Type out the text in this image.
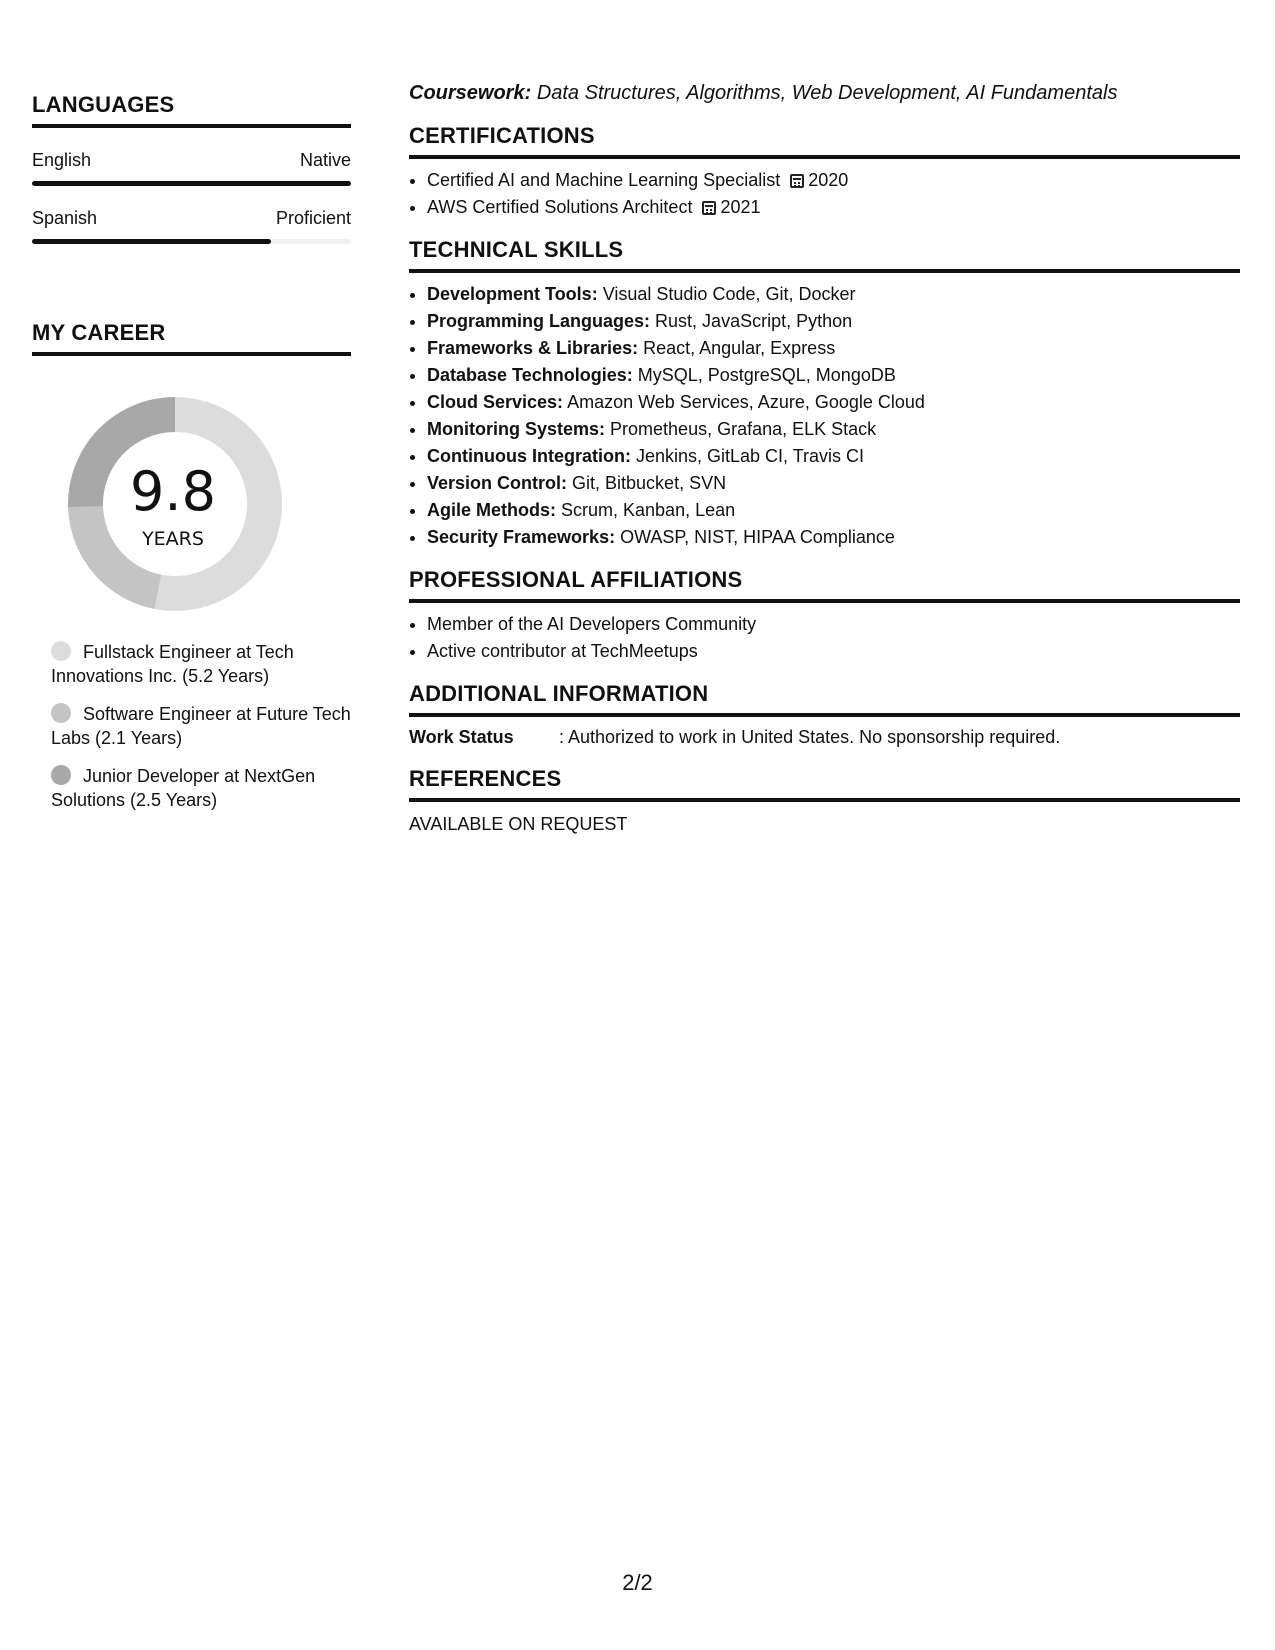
LANGUAGES
English	Native
Spanish	Proficient
MY CAREER
9.8
YEARS
Fullstack Engineer at Tech Innovations Inc. (5.2 Years)
Software Engineer at Future Tech Labs (2.1 Years)
Junior Developer at NextGen Solutions (2.5 Years)

Coursework: Data Structures, Algorithms, Web Development, AI Fundamentals

CERTIFICATIONS
• Certified AI and Machine Learning Specialist 2020
• AWS Certified Solutions Architect 2021
TECHNICAL SKILLS
• Development Tools: Visual Studio Code, Git, Docker
• Programming Languages: Rust, JavaScript, Python
• Frameworks & Libraries: React, Angular, Express
• Database Technologies: MySQL, PostgreSQL, MongoDB
• Cloud Services: Amazon Web Services, Azure, Google Cloud
• Monitoring Systems: Prometheus, Grafana, ELK Stack
• Continuous Integration: Jenkins, GitLab CI, Travis CI
• Version Control: Git, Bitbucket, SVN
• Agile Methods: Scrum, Kanban, Lean
• Security Frameworks: OWASP, NIST, HIPAA Compliance
PROFESSIONAL AFFILIATIONS
• Member of the AI Developers Community
• Active contributor at TechMeetups
ADDITIONAL INFORMATION
Work Status	: Authorized to work in United States. No sponsorship required.
REFERENCES
AVAILABLE ON REQUEST
2/2
